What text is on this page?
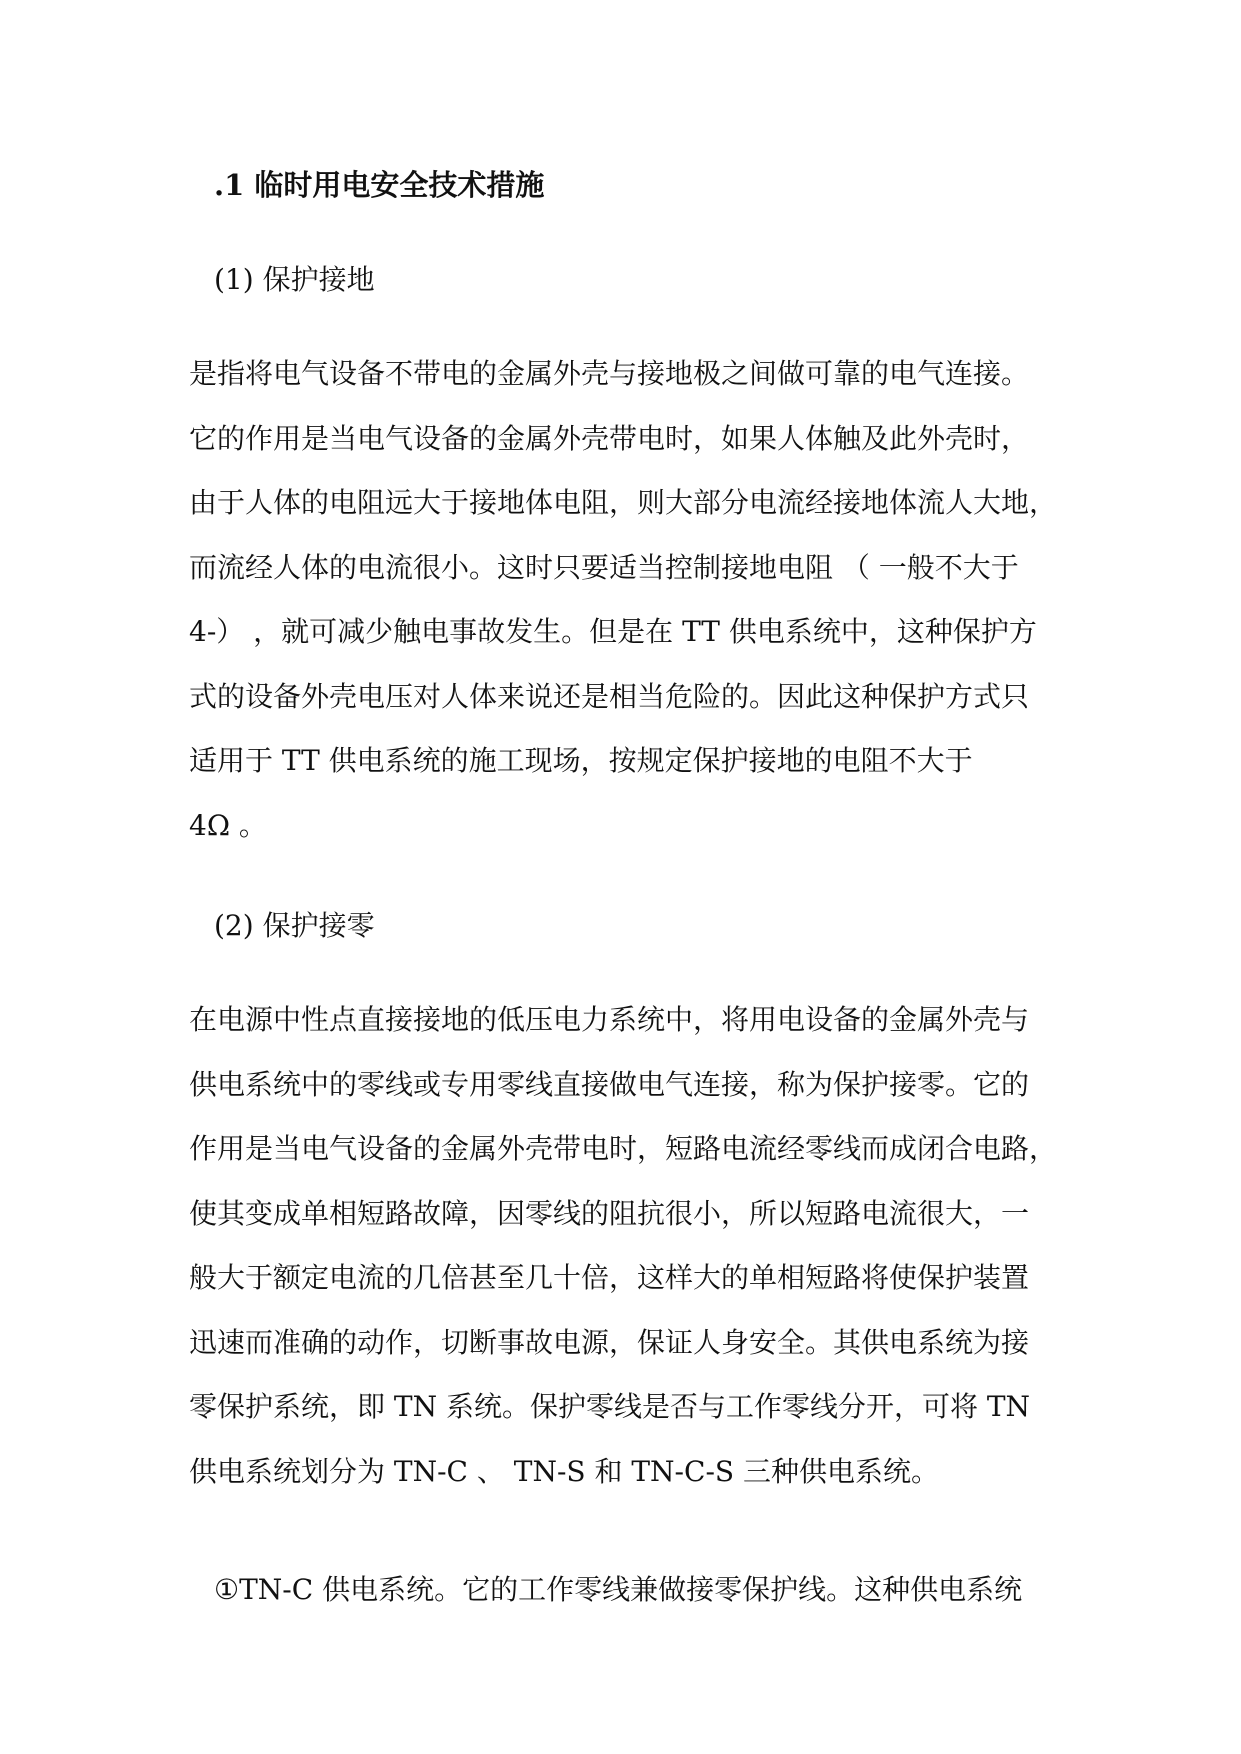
.1 临时用电安全技术措施
(1) 保护接地
是指将电气设备不带电的金属外壳与接地极之间做可靠的电气连接。
它的作用是当电气设备的金属外壳带电时，如果人体触及此外壳时，
由于人体的电阻远大于接地体电阻，则大部分电流经接地体流人大地，
而流经人体的电流很小。这时只要适当控制接地电阻 （ 一般不大于
4-） ，就可减少触电事故发生。但是在 TT 供电系统中，这种保护方
式的设备外壳电压对人体来说还是相当危险的。因此这种保护方式只
适用于 TT 供电系统的施工现场，按规定保护接地的电阻不大于
4Ω 。
(2) 保护接零
在电源中性点直接接地的低压电力系统中，将用电设备的金属外壳与
供电系统中的零线或专用零线直接做电气连接，称为保护接零。它的
作用是当电气设备的金属外壳带电时，短路电流经零线而成闭合电路，
使其变成单相短路故障，因零线的阻抗很小，所以短路电流很大，一
般大于额定电流的几倍甚至几十倍，这样大的单相短路将使保护装置
迅速而准确的动作，切断事故电源，保证人身安全。其供电系统为接
零保护系统，即 TN 系统。保护零线是否与工作零线分开，可将 TN
供电系统划分为 TN-C 、 TN-S 和 TN-C-S 三种供电系统。
①TN-C 供电系统。它的工作零线兼做接零保护线。这种供电系统
